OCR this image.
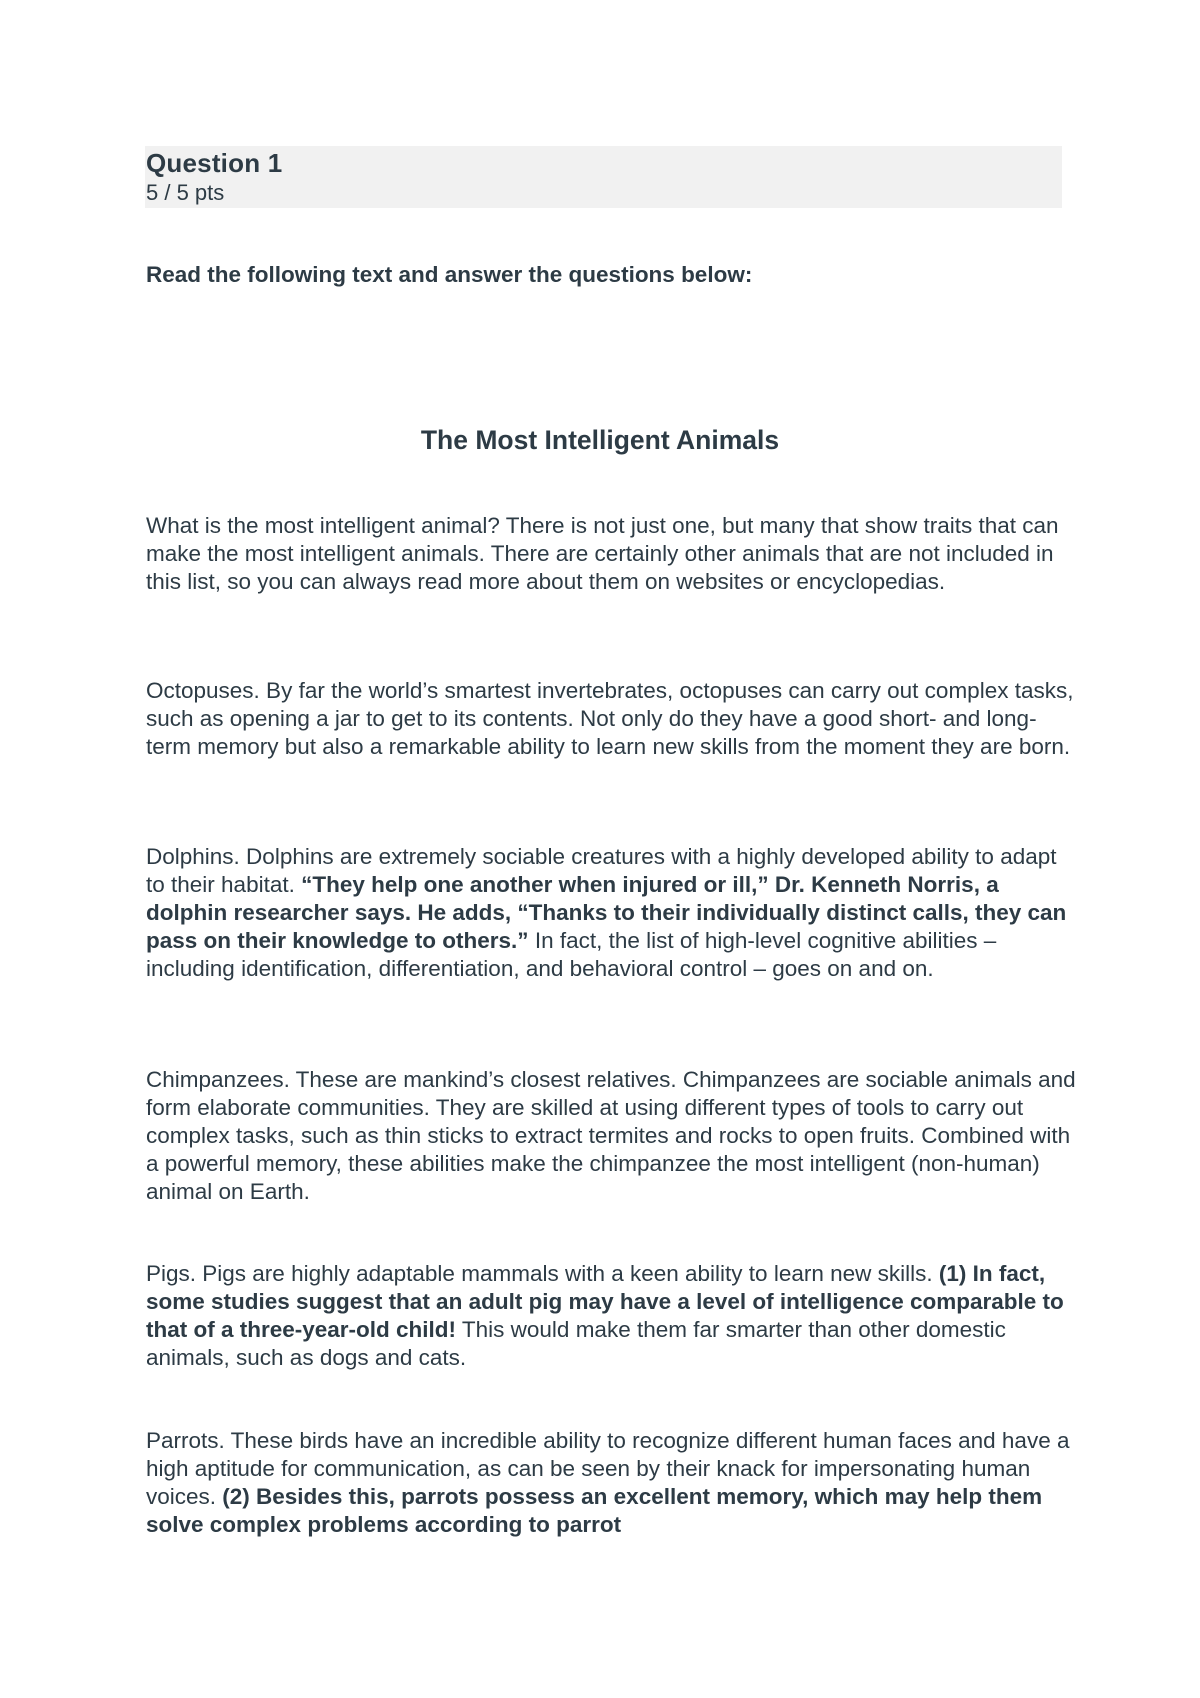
Question 1
5 / 5 pts
Read the following text and answer the questions below:
The Most Intelligent Animals

What is the most intelligent animal? There is not just one, but many that show traits that can make the most intelligent animals. There are certainly other animals that are not included in this list, so you can always read more about them on websites or encyclopedias.

Octopuses. By far the world’s smartest invertebrates, octopuses can carry out complex tasks, such as opening a jar to get to its contents. Not only do they have a good short- and long-term memory but also a remarkable ability to learn new skills from the moment they are born.

Dolphins. Dolphins are extremely sociable creatures with a highly developed ability to adapt to their habitat. “They help one another when injured or ill,” Dr. Kenneth Norris, a dolphin researcher says. He adds, “Thanks to their individually distinct calls, they can pass on their knowledge to others.” In fact, the list of high-level cognitive abilities – including identification, differentiation, and behavioral control – goes on and on.

Chimpanzees. These are mankind’s closest relatives. Chimpanzees are sociable animals and form elaborate communities. They are skilled at using different types of tools to carry out complex tasks, such as thin sticks to extract termites and rocks to open fruits. Combined with a powerful memory, these abilities make the chimpanzee the most intelligent (non-human) animal on Earth.

Pigs. Pigs are highly adaptable mammals with a keen ability to learn new skills. (1) In fact, some studies suggest that an adult pig may have a level of intelligence comparable to that of a three-year-old child! This would make them far smarter than other domestic animals, such as dogs and cats.

Parrots. These birds have an incredible ability to recognize different human faces and have a high aptitude for communication, as can be seen by their knack for impersonating human voices. (2) Besides this, parrots possess an excellent memory, which may help them solve complex problems according to parrot
